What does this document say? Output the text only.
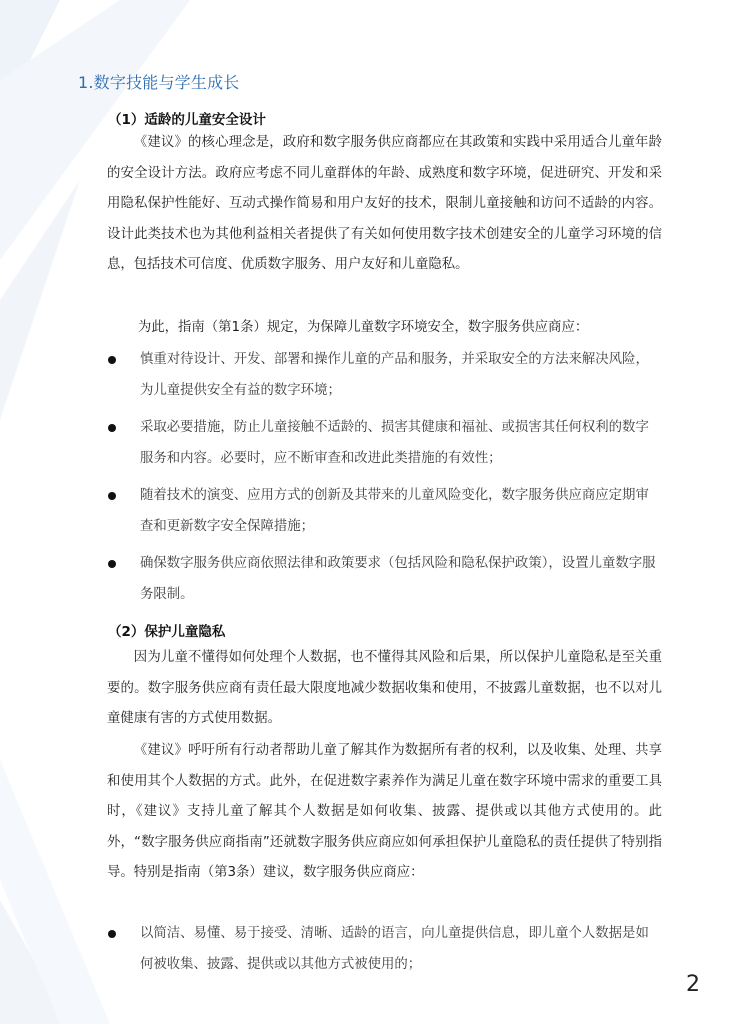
1.数字技能与学生成长
（1）适龄的儿童安全设计
《建议》的核心理念是，政府和数字服务供应商都应在其政策和实践中采用适合儿童年龄的安全设计方法。政府应考虑不同儿童群体的年龄、成熟度和数字环境，促进研究、开发和采用隐私保护性能好、互动式操作简易和用户友好的技术，限制儿童接触和访问不适龄的内容。设计此类技术也为其他利益相关者提供了有关如何使用数字技术创建安全的儿童学习环境的信息，包括技术可信度、优质数字服务、用户友好和儿童隐私。
为此，指南（第1条）规定，为保障儿童数字环境安全，数字服务供应商应：
慎重对待设计、开发、部署和操作儿童的产品和服务，并采取安全的方法来解决风险，为儿童提供安全有益的数字环境；
采取必要措施，防止儿童接触不适龄的、损害其健康和福祉、或损害其任何权利的数字服务和内容。必要时，应不断审查和改进此类措施的有效性；
随着技术的演变、应用方式的创新及其带来的儿童风险变化，数字服务供应商应定期审查和更新数字安全保障措施；
确保数字服务供应商依照法律和政策要求（包括风险和隐私保护政策），设置儿童数字服务限制。
（2）保护儿童隐私
因为儿童不懂得如何处理个人数据，也不懂得其风险和后果，所以保护儿童隐私是至关重要的。数字服务供应商有责任最大限度地减少数据收集和使用，不披露儿童数据，也不以对儿童健康有害的方式使用数据。
《建议》呼吁所有行动者帮助儿童了解其作为数据所有者的权利，以及收集、处理、共享和使用其个人数据的方式。此外，在促进数字素养作为满足儿童在数字环境中需求的重要工具时，《建议》支持儿童了解其个人数据是如何收集、披露、提供或以其他方式使用的。此外，“数字服务供应商指南”还就数字服务供应商应如何承担保护儿童隐私的责任提供了特别指导。特别是指南（第3条）建议，数字服务供应商应：
以简洁、易懂、易于接受、清晰、适龄的语言，向儿童提供信息，即儿童个人数据是如何被收集、披露、提供或以其他方式被使用的；
2
